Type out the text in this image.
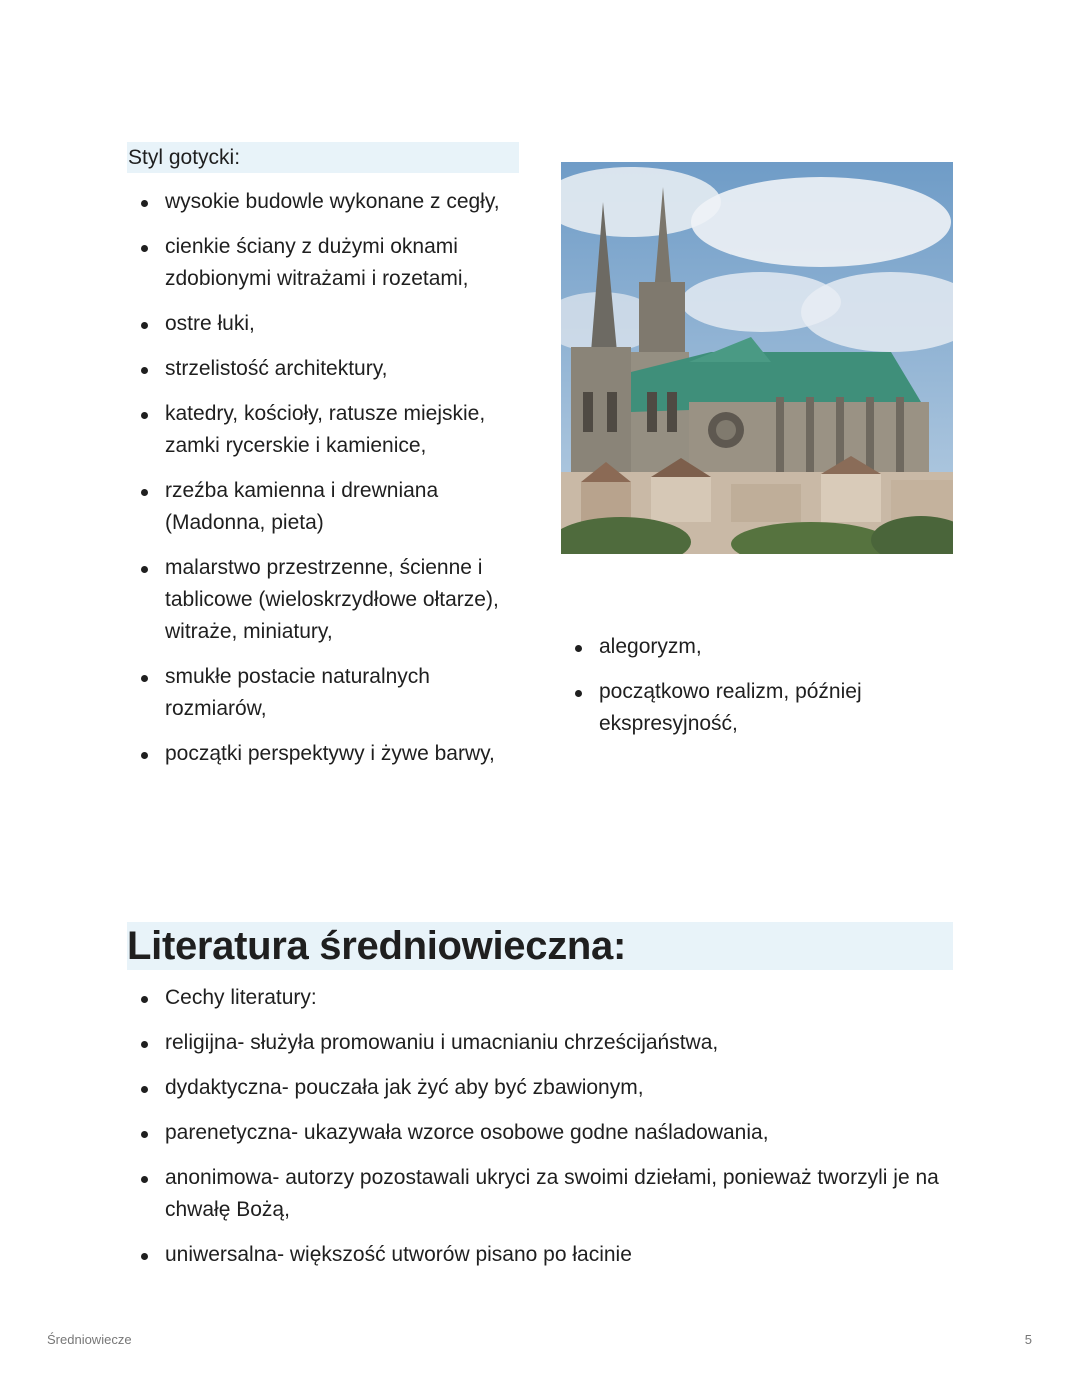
Styl gotycki:
wysokie budowle wykonane z cegły,
cienkie ściany z dużymi oknami zdobionymi witrażami i rozetami,
ostre łuki,
strzelistość architektury,
katedry, kościoły, ratusze miejskie, zamki rycerskie i kamienice,
rzeźba kamienna i drewniana (Madonna, pieta)
malarstwo przestrzenne, ścienne i tablicowe (wieloskrzydłowe ołtarze), witraże, miniatury,
smukłe postacie naturalnych rozmiarów,
początki perspektywy i żywe barwy,
alegoryzm,
początkowo realizm, później ekspresyjność,
Literatura średniowieczna:
Cechy literatury:
religijna- służyła promowaniu i umacnianiu chrześcijaństwa,
dydaktyczna- pouczała jak żyć aby być zbawionym,
parenetyczna- ukazywała wzorce osobowe godne naśladowania,
anonimowa- autorzy pozostawali ukryci za swoimi dziełami, ponieważ tworzyli je na chwałę Bożą,
uniwersalna- większość utworów pisano po łacinie
Średniowiecze	5
